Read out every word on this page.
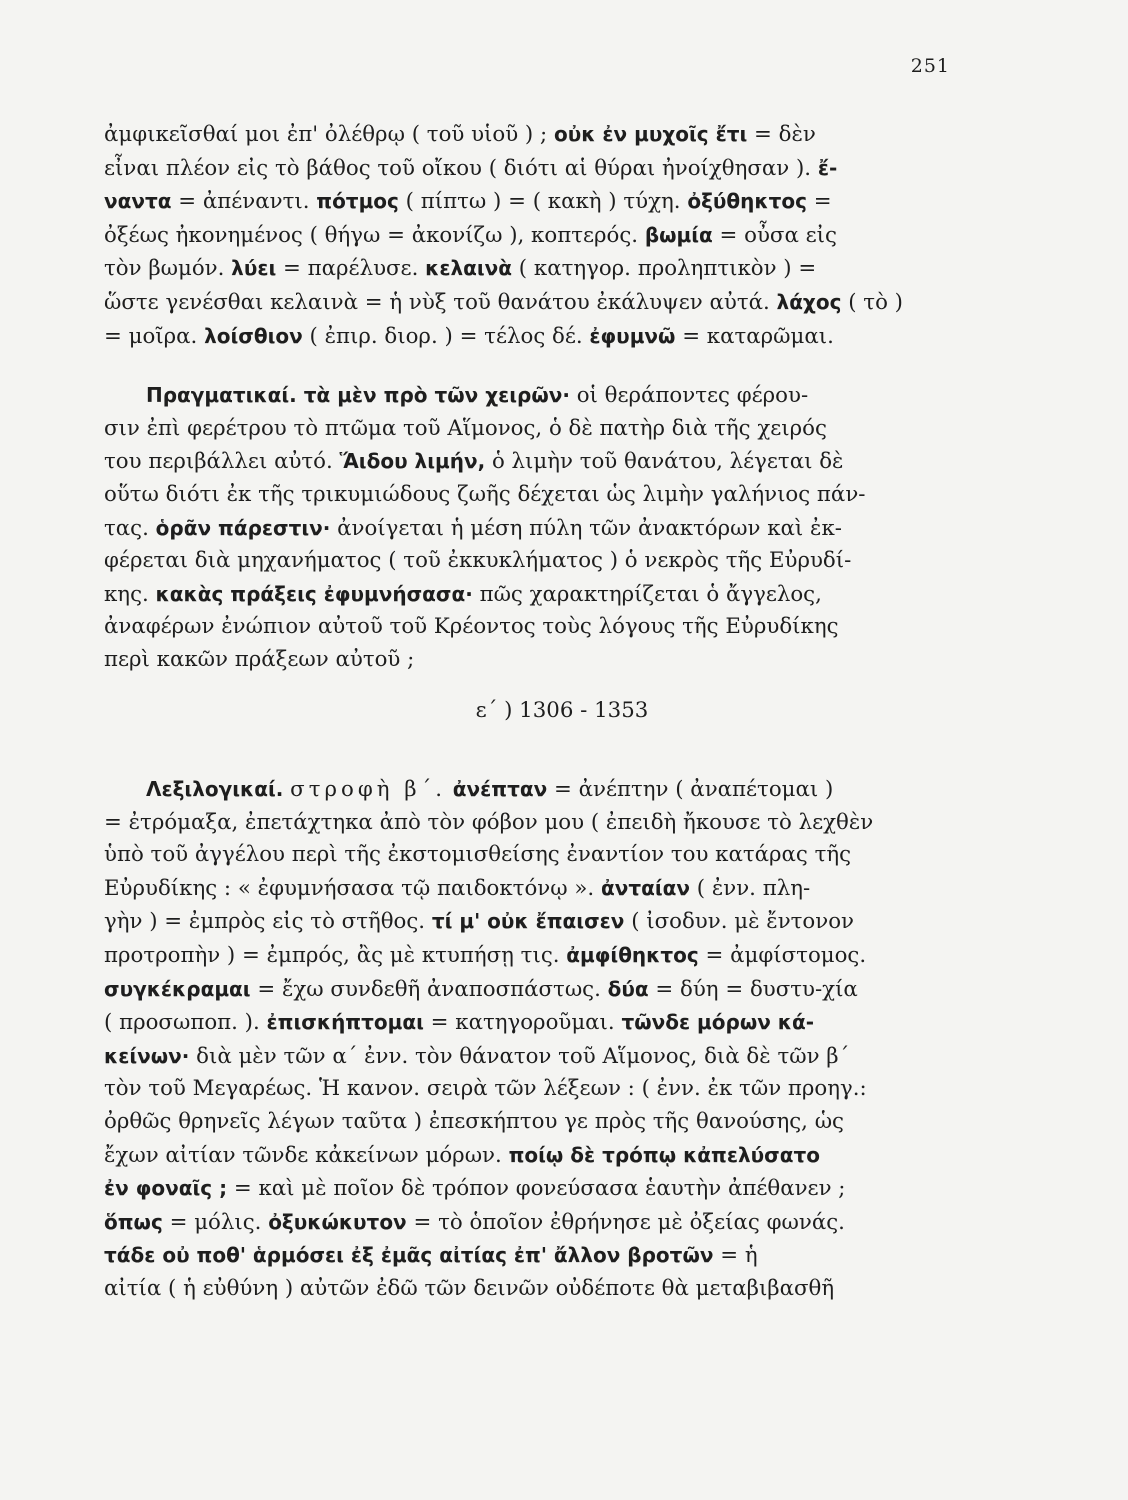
251
ἀμφικεῖσθαί μοι ἐπ' ὀλέθρῳ ( τοῦ υἱοῦ ) ; οὐκ ἐν μυχοῖς ἔτι = δὲν
εἶναι πλέον εἰς τὸ βάθος τοῦ οἴκου ( διότι αἱ θύραι ἠνοίχθησαν ). ἔ-
ναντα = ἀπέναντι. πότμος ( πίπτω ) = ( κακὴ ) τύχη. ὀξύθηκτος =
ὀξέως ἠκονημένος ( θήγω = ἀκονίζω ), κοπτερός. βωμία = οὖσα εἰς
τὸν βωμόν. λύει = παρέλυσε. κελαινὰ ( κατηγορ. προληπτικὸν ) =
ὥστε γενέσθαι κελαινὰ = ἡ νὺξ τοῦ θανάτου ἐκάλυψεν αὐτά. λάχος ( τὸ )
= μοῖρα. λοίσθιον ( ἐπιρ. διορ. ) = τέλος δέ. ἐφυμνῶ = καταρῶμαι.
Πραγματικαί. τὰ μὲν πρὸ τῶν χειρῶν· οἱ θεράποντες φέρου-
σιν ἐπὶ φερέτρου τὸ πτῶμα τοῦ Αἵμονος, ὁ δὲ πατὴρ διὰ τῆς χειρός
του περιβάλλει αὐτό. Ἅιδου λιμήν, ὁ λιμὴν τοῦ θανάτου, λέγεται δὲ
οὕτω διότι ἐκ τῆς τρικυμιώδους ζωῆς δέχεται ὡς λιμὴν γαλήνιος πάν-
τας. ὁρᾶν πάρεστιν· ἀνοίγεται ἡ μέση πύλη τῶν ἀνακτόρων καὶ ἐκ-
φέρεται διὰ μηχανήματος ( τοῦ ἐκκυκλήματος ) ὁ νεκρὸς τῆς Εὐρυδί-
κης. κακὰς πράξεις ἐφυμνήσασα· πῶς χαρακτηρίζεται ὁ ἄγγελος,
ἀναφέρων ἐνώπιον αὐτοῦ τοῦ Κρέοντος τοὺς λόγους τῆς Εὐρυδίκης
περὶ κακῶν πράξεων αὐτοῦ ;
ε΄ ) 1306 - 1353
Λεξιλογικαί. στροφὴ β΄. ἀνέπταν = ἀνέπτην ( ἀναπέτομαι )
= ἐτρόμαξα, ἐπετάχτηκα ἀπὸ τὸν φόβον μου ( ἐπειδὴ ἤκουσε τὸ λεχθὲν
ὑπὸ τοῦ ἀγγέλου περὶ τῆς ἐκστομισθείσης ἐναντίον του κατάρας τῆς
Εὐρυδίκης : « ἐφυμνήσασα τῷ παιδοκτόνῳ ». ἀνταίαν ( ἐνν. πλη-
γὴν ) = ἐμπρὸς εἰς τὸ στῆθος. τί μ' οὐκ ἔπαισεν ( ἰσοδυν. μὲ ἔντονον
προτροπὴν ) = ἐμπρός, ἂς μὲ κτυπήσῃ τις. ἀμφίθηκτος = ἀμφίστομος.
συγκέκραμαι = ἔχω συνδεθῆ ἀναποσπάστως. δύα = δύη = δυστυ-χία
( προσωποπ. ). ἐπισκήπτομαι = κατηγοροῦμαι. τῶνδε μόρων κά-
κείνων· διὰ μὲν τῶν α΄ ἐνν. τὸν θάνατον τοῦ Αἵμονος, διὰ δὲ τῶν β΄
τὸν τοῦ Μεγαρέως. Ἡ κανον. σειρὰ τῶν λέξεων : ( ἐνν. ἐκ τῶν προηγ.:
ὀρθῶς θρηνεῖς λέγων ταῦτα ) ἐπεσκήπτου γε πρὸς τῆς θανούσης, ὡς
ἔχων αἰτίαν τῶνδε κἀκείνων μόρων. ποίῳ δὲ τρόπῳ κἀπελύσατο
ἐν φοναῖς ; = καὶ μὲ ποῖον δὲ τρόπον φονεύσασα ἑαυτὴν ἀπέθανεν ;
ὅπως = μόλις. ὀξυκώκυτον = τὸ ὁποῖον ἐθρήνησε μὲ ὀξείας φωνάς.
τάδε οὐ ποθ' ἁρμόσει ἐξ ἐμᾶς αἰτίας ἐπ' ἄλλον βροτῶν = ἡ
αἰτία ( ἡ εὐθύνη ) αὐτῶν ἐδῶ τῶν δεινῶν οὐδέποτε θὰ μεταβιβασθῆ
